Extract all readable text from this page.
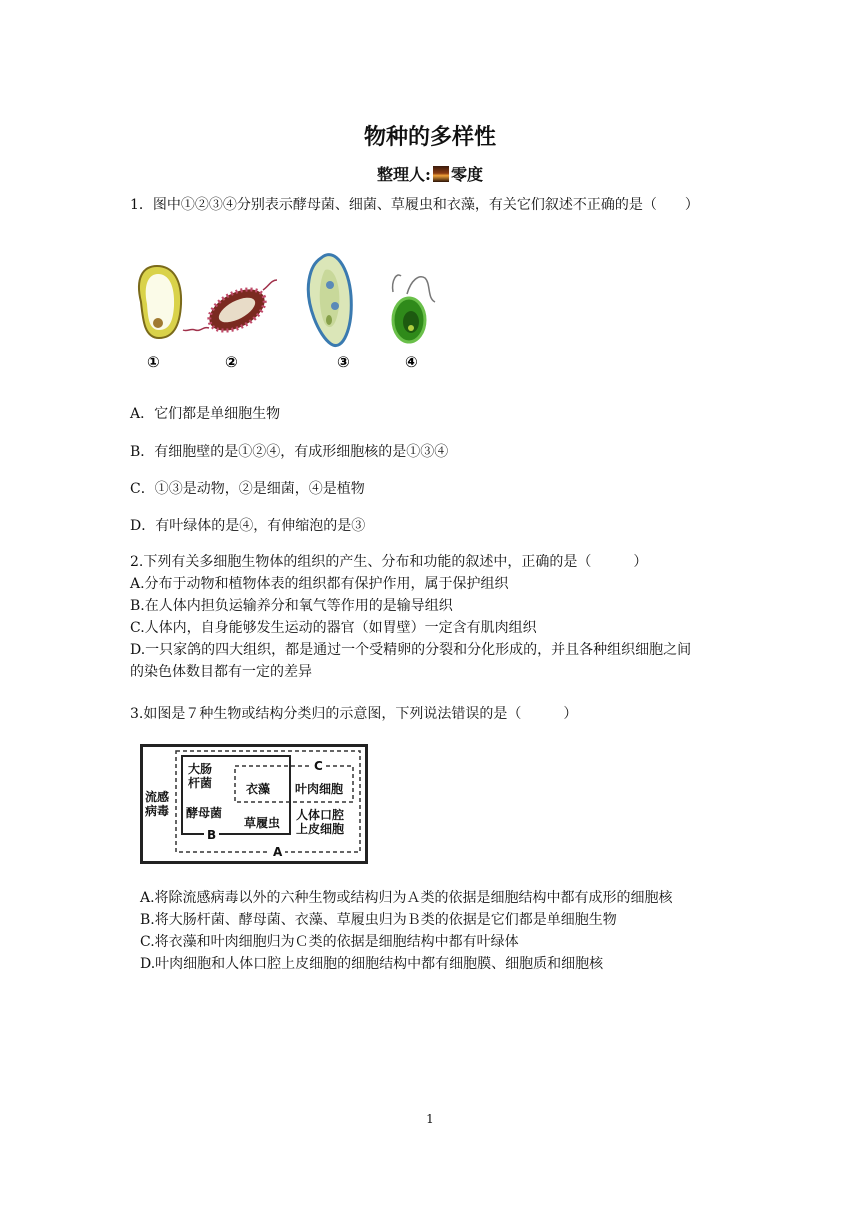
物种的多样性
整理人: 零度
1．图中①②③④分别表示酵母菌、细菌、草履虫和衣藻，有关它们叙述不正确的是（　　）
①	②	③	④
A．它们都是单细胞生物
B．有细胞壁的是①②④，有成形细胞核的是①③④
C．①③是动物，②是细菌，④是植物
D．有叶绿体的是④，有伸缩泡的是③
2.下列有关多细胞生物体的组织的产生、分布和功能的叙述中，正确的是（　　　）
A.分布于动物和植物体表的组织都有保护作用，属于保护组织
B.在人体内担负运输养分和氧气等作用的是输导组织
C.人体内，自身能够发生运动的器官（如胃壁）一定含有肌肉组织
D.一只家鸽的四大组织，都是通过一个受精卵的分裂和分化形成的，并且各种组织细胞之间
的染色体数目都有一定的差异
3.如图是７种生物或结构分类归的示意图，下列说法错误的是（　　　）
流感
病毒
大肠
杆菌
酵母菌
衣藻
草履虫
叶肉细胞
人体口腔
上皮细胞
C
B
A
A.将除流感病毒以外的六种生物或结构归为Ａ类的依据是细胞结构中都有成形的细胞核
B.将大肠杆菌、酵母菌、衣藻、草履虫归为Ｂ类的依据是它们都是单细胞生物
C.将衣藻和叶肉细胞归为Ｃ类的依据是细胞结构中都有叶绿体
D.叶肉细胞和人体口腔上皮细胞的细胞结构中都有细胞膜、细胞质和细胞核
1
